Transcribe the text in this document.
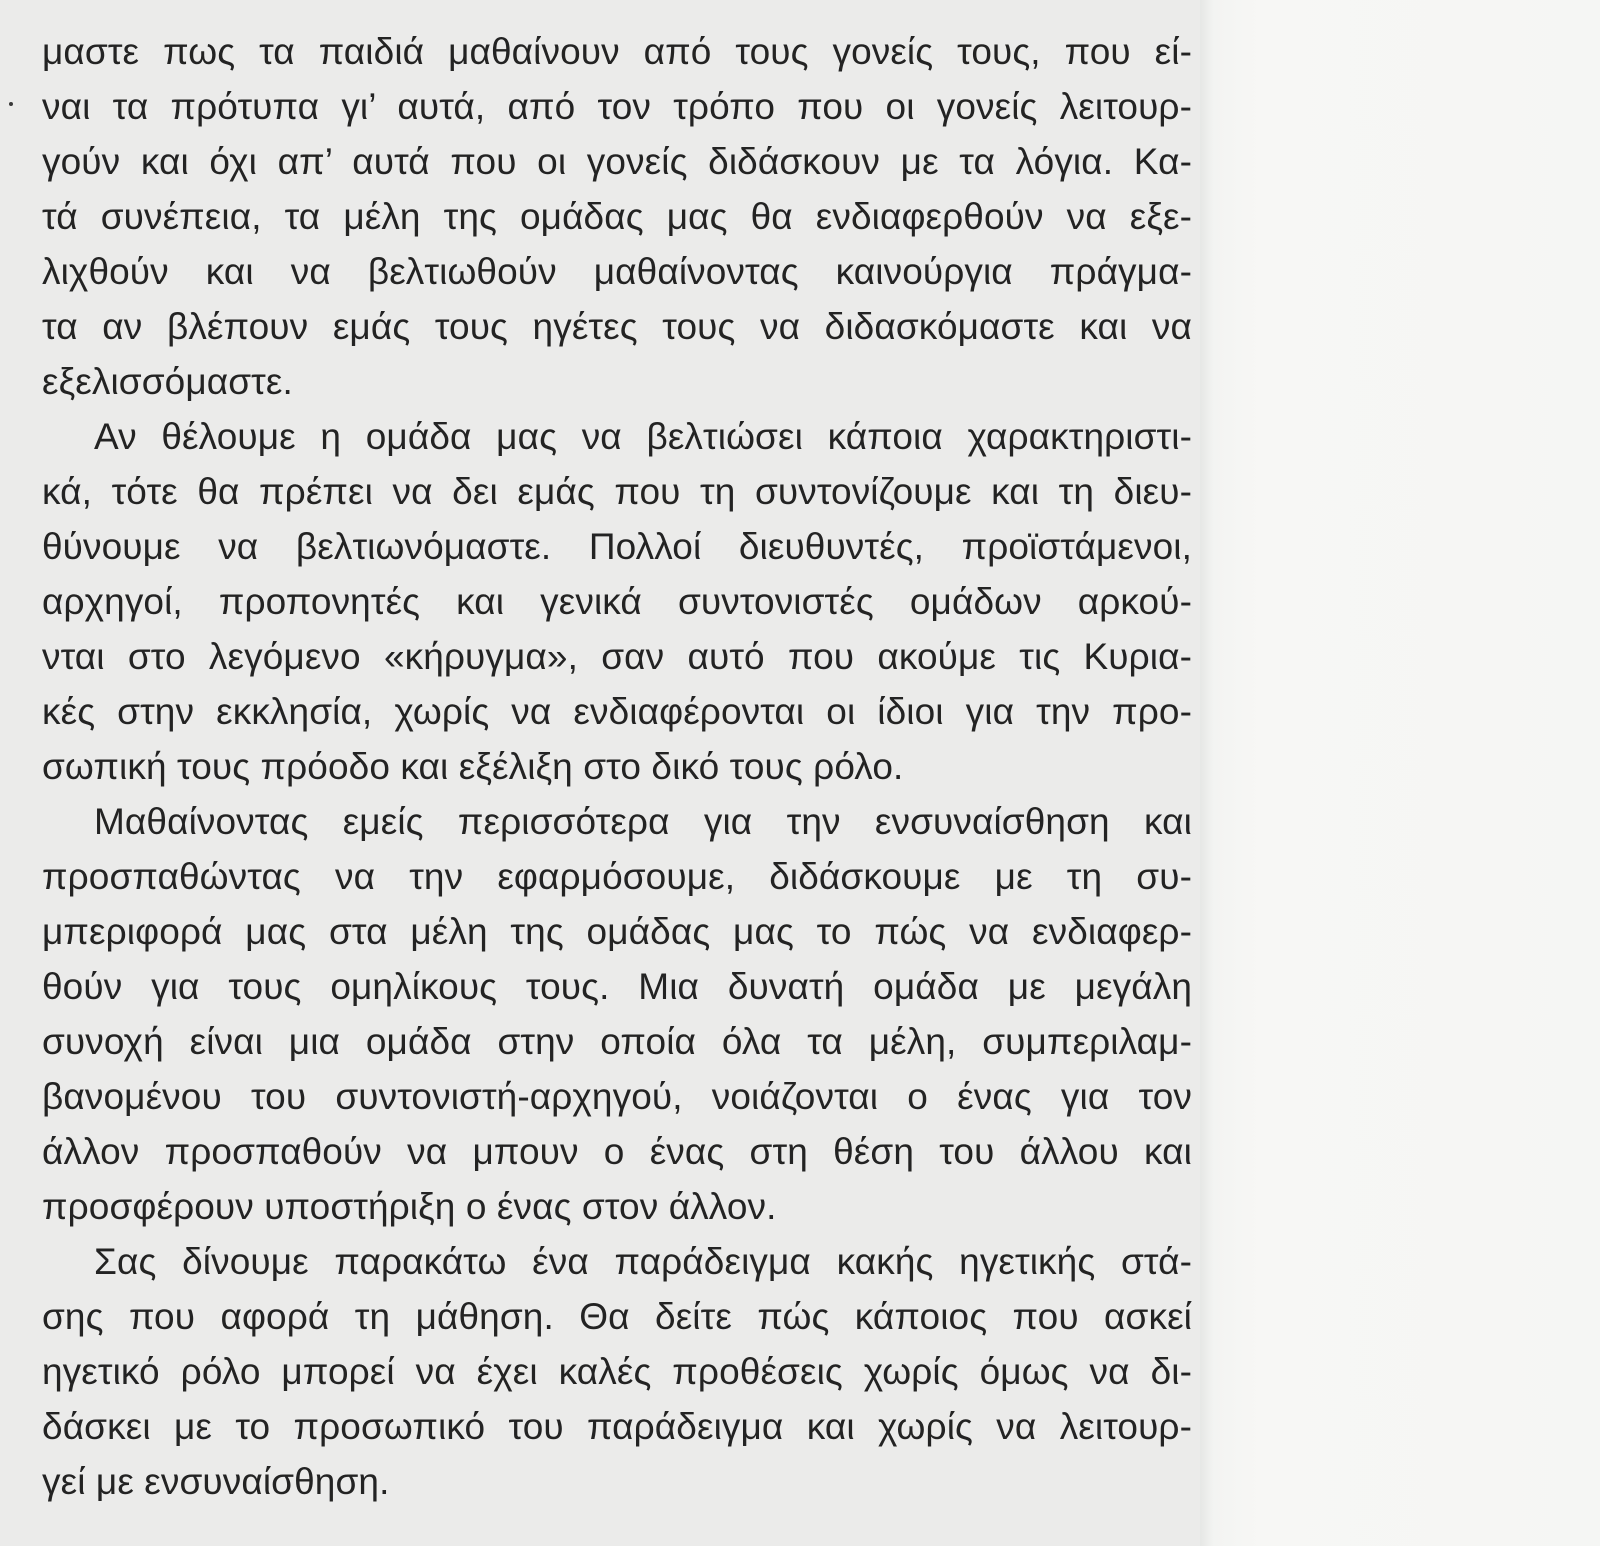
μαστε πως τα παιδιά μαθαίνουν από τους γονείς τους, που εί-
ναι τα πρότυπα γι’ αυτά, από τον τρόπο που οι γονείς λειτουρ-
γούν και όχι απ’ αυτά που οι γονείς διδάσκουν με τα λόγια. Κα-
τά συνέπεια, τα μέλη της ομάδας μας θα ενδιαφερθούν να εξε-
λιχθούν και να βελτιωθούν μαθαίνοντας καινούργια πράγμα-
τα αν βλέπουν εμάς τους ηγέτες τους να διδασκόμαστε και να
εξελισσόμαστε.
Αν θέλουμε η ομάδα μας να βελτιώσει κάποια χαρακτηριστι-
κά, τότε θα πρέπει να δει εμάς που τη συντονίζουμε και τη διευ-
θύνουμε να βελτιωνόμαστε. Πολλοί διευθυντές, προϊστάμενοι,
αρχηγοί, προπονητές και γενικά συντονιστές ομάδων αρκού-
νται στο λεγόμενο «κήρυγμα», σαν αυτό που ακούμε τις Κυρια-
κές στην εκκλησία, χωρίς να ενδιαφέρονται οι ίδιοι για την προ-
σωπική τους πρόοδο και εξέλιξη στο δικό τους ρόλο.
Μαθαίνοντας εμείς περισσότερα για την ενσυναίσθηση και
προσπαθώντας να την εφαρμόσουμε, διδάσκουμε με τη συ-
μπεριφορά μας στα μέλη της ομάδας μας το πώς να ενδιαφερ-
θούν για τους ομηλίκους τους. Μια δυνατή ομάδα με μεγάλη
συνοχή είναι μια ομάδα στην οποία όλα τα μέλη, συμπεριλαμ-
βανομένου του συντονιστή-αρχηγού, νοιάζονται ο ένας για τον
άλλον προσπαθούν να μπουν ο ένας στη θέση του άλλου και
προσφέρουν υποστήριξη ο ένας στον άλλον.
Σας δίνουμε παρακάτω ένα παράδειγμα κακής ηγετικής στά-
σης που αφορά τη μάθηση. Θα δείτε πώς κάποιος που ασκεί
ηγετικό ρόλο μπορεί να έχει καλές προθέσεις χωρίς όμως να δι-
δάσκει με το προσωπικό του παράδειγμα και χωρίς να λειτουρ-
γεί με ενσυναίσθηση.
